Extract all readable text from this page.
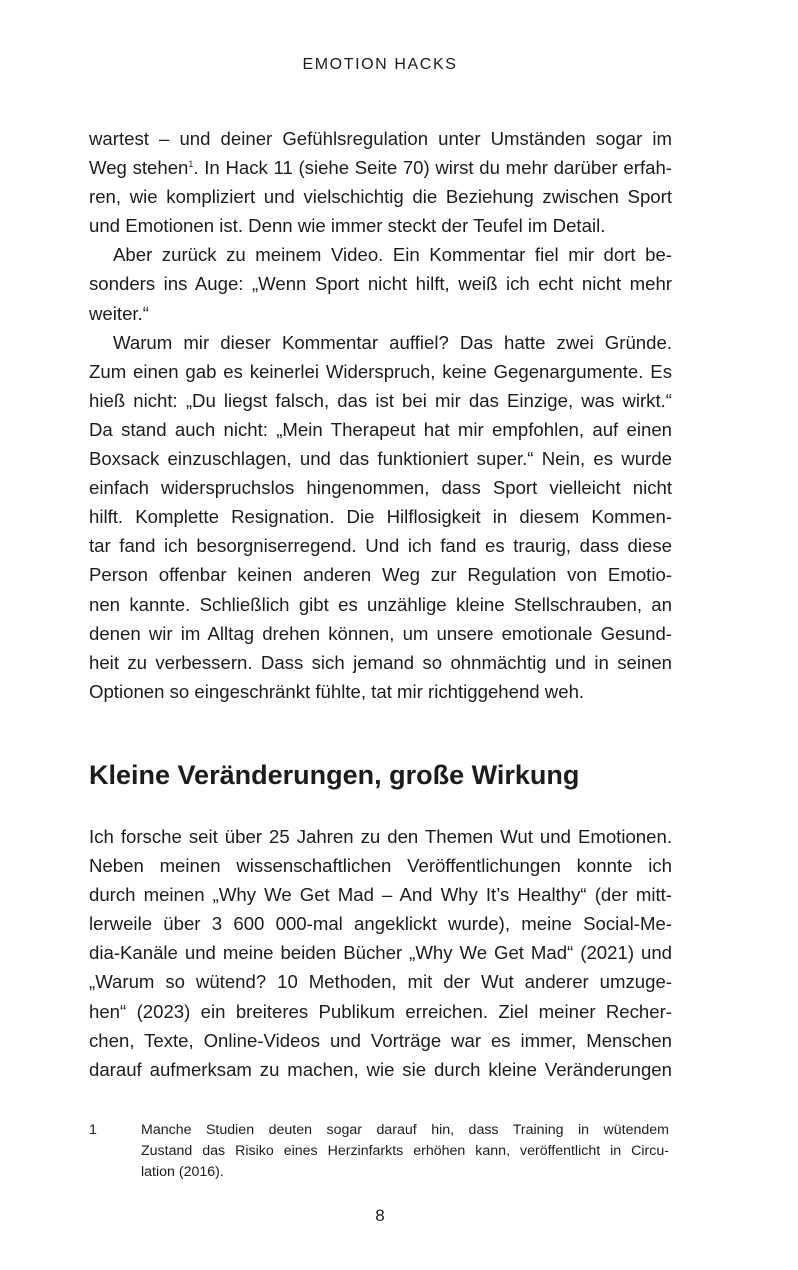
EMOTION HACKS
wartest – und deiner Gefühlsregulation unter Umständen sogar im
Weg stehen$^1$. In Hack 11 (siehe Seite 70) wirst du mehr darüber erfah-
ren, wie kompliziert und vielschichtig die Beziehung zwischen Sport
und Emotionen ist. Denn wie immer steckt der Teufel im Detail.
Aber zurück zu meinem Video. Ein Kommentar fiel mir dort be-
sonders ins Auge: „Wenn Sport nicht hilft, weiß ich echt nicht mehr
weiter.“
Warum mir dieser Kommentar auffiel? Das hatte zwei Gründe.
Zum einen gab es keinerlei Widerspruch, keine Gegenargumente. Es
hieß nicht: „Du liegst falsch, das ist bei mir das Einzige, was wirkt.“
Da stand auch nicht: „Mein Therapeut hat mir empfohlen, auf einen
Boxsack einzuschlagen, und das funktioniert super.“ Nein, es wurde
einfach widerspruchslos hingenommen, dass Sport vielleicht nicht
hilft. Komplette Resignation. Die Hilflosigkeit in diesem Kommen-
tar fand ich besorgniserregend. Und ich fand es traurig, dass diese
Person offenbar keinen anderen Weg zur Regulation von Emotio-
nen kannte. Schließlich gibt es unzählige kleine Stellschrauben, an
denen wir im Alltag drehen können, um unsere emotionale Gesund-
heit zu verbessern. Dass sich jemand so ohnmächtig und in seinen
Optionen so eingeschränkt fühlte, tat mir richtiggehend weh.
Kleine Veränderungen, große Wirkung
Ich forsche seit über 25 Jahren zu den Themen Wut und Emotionen.
Neben meinen wissenschaftlichen Veröffentlichungen konnte ich
durch meinen „Why We Get Mad – And Why It’s Healthy“ (der mitt-
lerweile über 3 600 000-mal angeklickt wurde), meine Social-Me-
dia-Kanäle und meine beiden Bücher „Why We Get Mad“ (2021) und
„Warum so wütend? 10 Methoden, mit der Wut anderer umzuge-
hen“ (2023) ein breiteres Publikum erreichen. Ziel meiner Recher-
chen, Texte, Online-Videos und Vorträge war es immer, Menschen
darauf aufmerksam zu machen, wie sie durch kleine Veränderungen
1	Manche Studien deuten sogar darauf hin, dass Training in wütendem
Zustand das Risiko eines Herzinfarkts erhöhen kann, veröffentlicht in Circu-
lation (2016).
8
